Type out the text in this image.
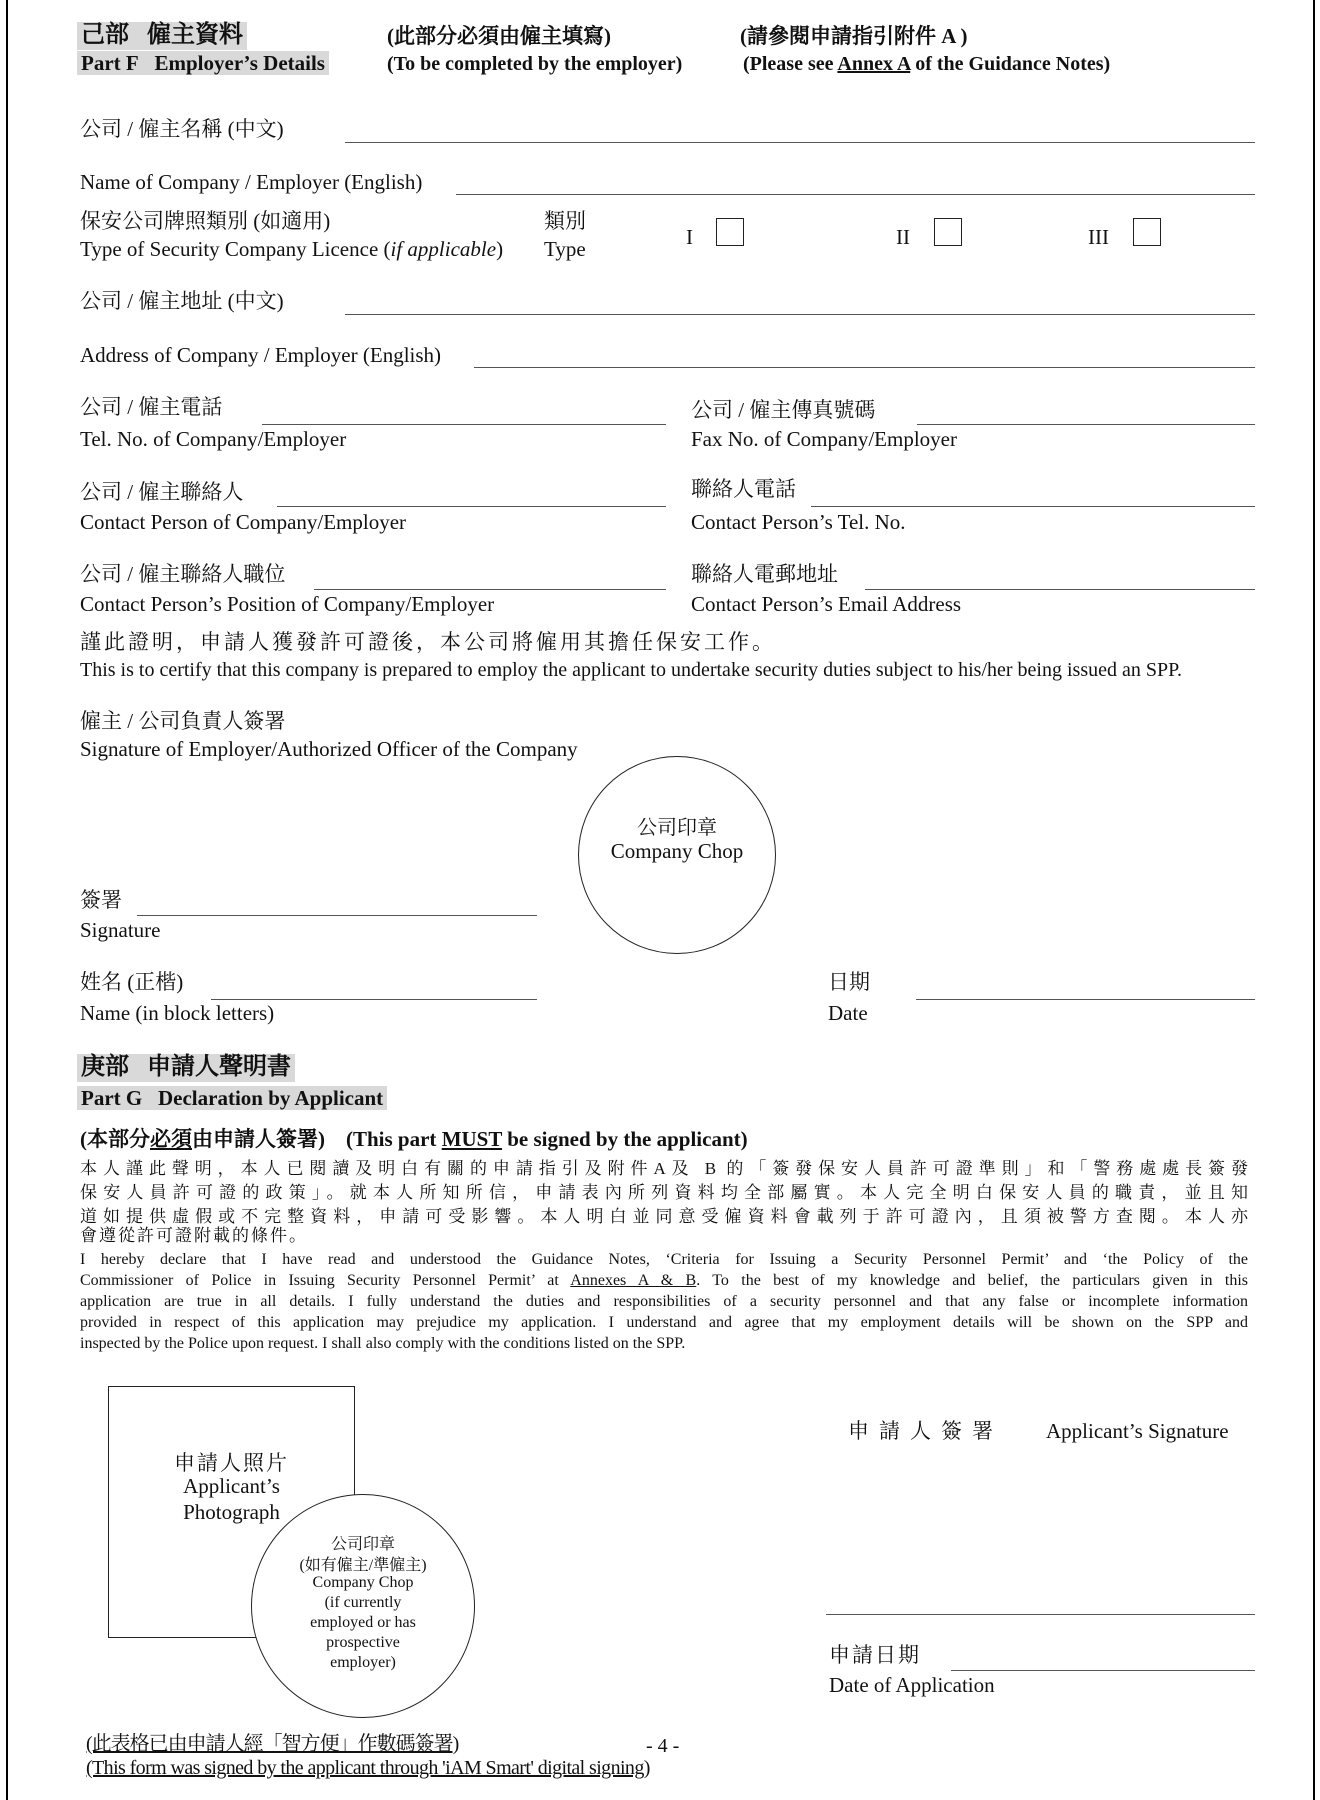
己部 僱主資料
Part F Employer’s Details
(此部分必須由僱主填寫)
(To be completed by the employer)
(請參閱申請指引附件 A )
(Please see Annex A of the Guidance Notes)
公司 / 僱主名稱 (中文)
Name of Company / Employer (English)
保安公司牌照類別 (如適用)
Type of Security Company Licence (if applicable)
類別
Type	I	II	III
公司 / 僱主地址 (中文)
Address of Company / Employer (English)
公司 / 僱主電話
Tel. No. of Company/Employer
公司 / 僱主傳真號碼
Fax No. of Company/Employer
公司 / 僱主聯絡人
Contact Person of Company/Employer
聯絡人電話
Contact Person’s Tel. No.
公司 / 僱主聯絡人職位
Contact Person’s Position of Company/Employer
聯絡人電郵地址
Contact Person’s Email Address
謹此證明，申請人獲發許可證後，本公司將僱用其擔任保安工作。
This is to certify that this company is prepared to employ the applicant to undertake security duties subject to his/her being issued an SPP.
僱主 / 公司負責人簽署
Signature of Employer/Authorized Officer of the Company
公司印章
Company Chop
簽署
Signature
姓名 (正楷)
Name (in block letters)
日期
Date
庚部 申請人聲明書
Part G Declaration by Applicant
(本部分必須由申請人簽署) (This part MUST be signed by the applicant)
本人謹此聲明，本人已閱讀及明白有關的申請指引及附件A及 B 的「簽發保安人員許可證準則」和「警務處處長簽發
保安人員許可證的政策」。就本人所知所信，申請表內所列資料均全部屬實。本人完全明白保安人員的職責，並且知
道如提供虛假或不完整資料，申請可受影響。本人明白並同意受僱資料會載列于許可證內，且須被警方查閱。本人亦
會遵從許可證附載的條件。
I hereby declare that I have read and understood the Guidance Notes, ‘Criteria for Issuing a Security Personnel Permit’ and ‘the Policy of the
Commissioner of Police in Issuing Security Personnel Permit’ at Annexes A & B. To the best of my knowledge and belief, the particulars given in this
application are true in all details. I fully understand the duties and responsibilities of a security personnel and that any false or incomplete information
provided in respect of this application may prejudice my application. I understand and agree that my employment details will be shown on the SPP and
inspected by the Police upon request. I shall also comply with the conditions listed on the SPP.
申請人照片
Applicant’s
Photograph
公司印章
(如有僱主/準僱主)
Company Chop
(if currently
employed or has
prospective
employer)
申請人簽署 Applicant’s Signature
申請日期
Date of Application
(此表格已由申請人經「智方便」作數碼簽署)
(This form was signed by the applicant through 'iAM Smart' digital signing)
- 4 -
